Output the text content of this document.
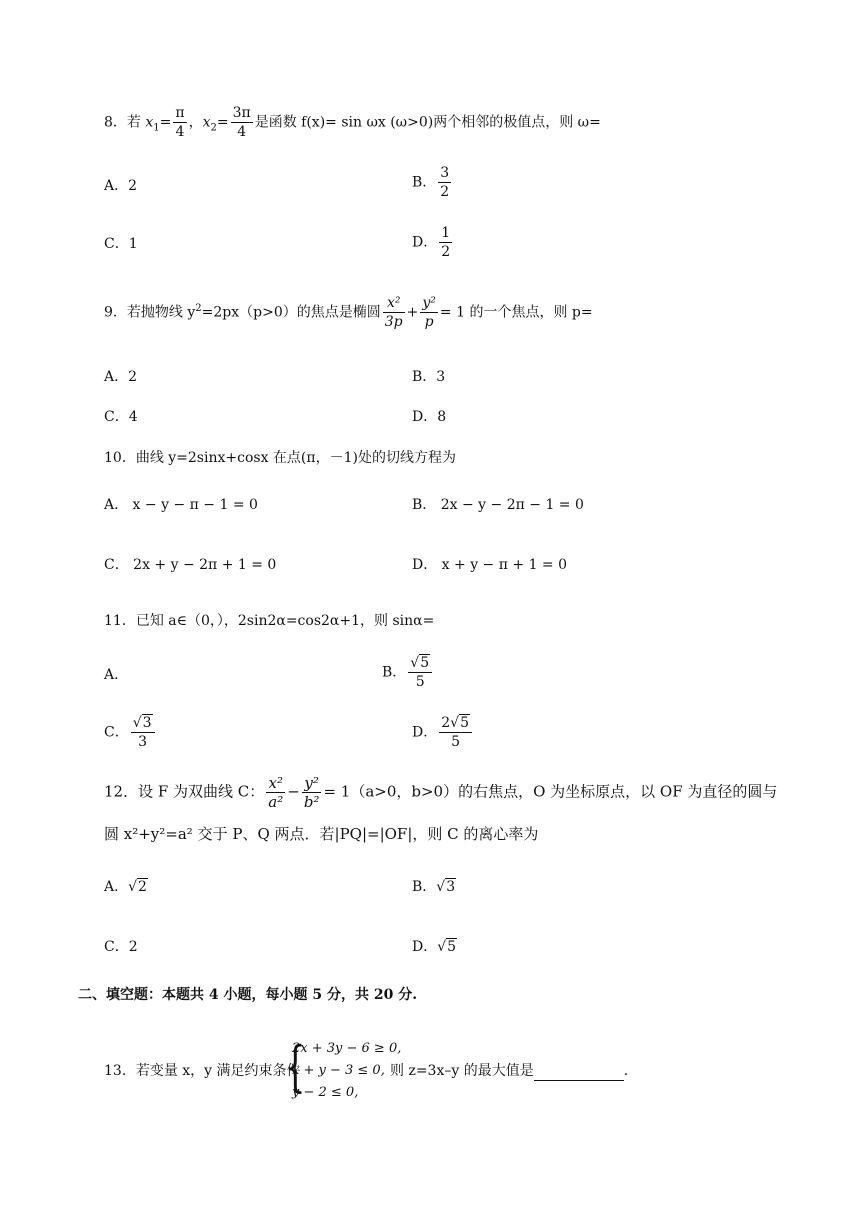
8．若 $x_1= \frac{\pi}{4}$ ，$x_2= \frac{3\pi}{4}$ 是函数 f(x)= sin ωx (ω>0)两个相邻的极值点，则 ω=
A．2	B． $\frac{3}{2}$
C．1	D． $\frac{1}{2}$
9．若抛物线 $y^2=2px(p>0)$的焦点是椭圆 $\frac{\text{x²}}{3p} + \frac{\text{y²}}{p} = 1$ 的一个焦点，则 p=
A．2	B．3
C．4	D．8
10．曲线 y=2sinx+cosx 在点(π，－1)处的切线方程为
A． x − y − π − 1 = 0	B． 2x − y − 2π − 1 = 0
C． 2x + y − 2π + 1 = 0	D． x + y − π + 1 = 0
11．已知 a∈（0，），2sin2α=cos2α+1，则 sinα=
A．	B． $\frac{√5}{5}$
C． $\frac{√3}{3}$	D． $\frac{2√5}{5}$
12．设 F 为双曲线 C： $\frac{\text{x²}}{\text{a²}} - \frac{\text{y²}}{\text{b²}} = 1(a>0$，b>0）的右焦点，O 为坐标原点，以 OF 为直径的圆与
圆 x²+y²=a² 交于 P、Q 两点．若|PQ|=|OF|，则 C 的离心率为
A．√2	B．√3
C．2	D．√5
二、填空题：本题共 4 小题，每小题 5 分，共 20 分.
13．若变量 x，y 满足约束条件
{
2x + 3y − 6 ≥ 0,
x + y − 3 ≤ 0,
y − 2 ≤ 0,
则 z=3x–y 的最大值是	.
